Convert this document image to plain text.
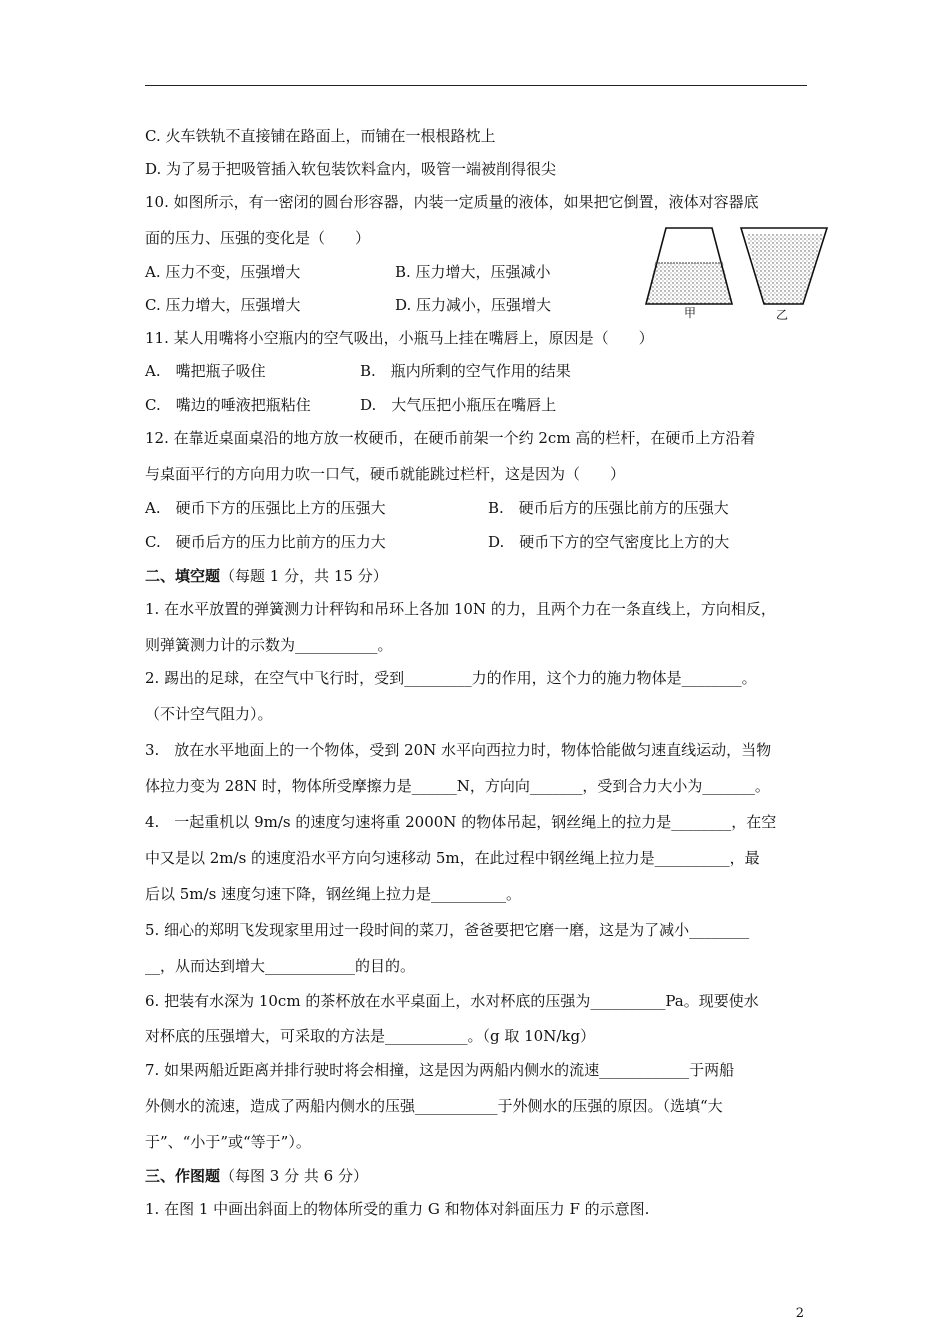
C. 火车铁轨不直接铺在路面上，而铺在一根根路枕上
D. 为了易于把吸管插入软包装饮料盒内，吸管一端被削得很尖
10. 如图所示，有一密闭的圆台形容器，内装一定质量的液体，如果把它倒置，液体对容器底
面的压力、压强的变化是（　　）
A. 压力不变，压强增大	B. 压力增大，压强减小
C. 压力增大，压强增大	D. 压力减小，压强增大	甲	乙
11. 某人用嘴将小空瓶内的空气吸出，小瓶马上挂在嘴唇上，原因是（　　）
A.　嘴把瓶子吸住	B.　瓶内所剩的空气作用的结果
C.　嘴边的唾液把瓶粘住	D.　大气压把小瓶压在嘴唇上
12. 在靠近桌面桌沿的地方放一枚硬币，在硬币前架一个约 2cm 高的栏杆，在硬币上方沿着
与桌面平行的方向用力吹一口气，硬币就能跳过栏杆，这是因为（　　）
A.　硬币下方的压强比上方的压强大	B.　硬币后方的压强比前方的压强大
C.　硬币后方的压力比前方的压力大	D.　硬币下方的空气密度比上方的大
二、填空题（每题 1 分，共 15 分）
1. 在水平放置的弹簧测力计秤钩和吊环上各加 10N 的力，且两个力在一条直线上，方向相反，
则弹簧测力计的示数为___________。
2. 踢出的足球，在空气中飞行时，受到_________力的作用，这个力的施力物体是________。
（不计空气阻力）。
3.　放在水平地面上的一个物体，受到 20N 水平向西拉力时，物体恰能做匀速直线运动，当物
体拉力变为 28N 时，物体所受摩擦力是______N，方向向_______，受到合力大小为_______。
4.　一起重机以 9m/s 的速度匀速将重 2000N 的物体吊起，钢丝绳上的拉力是________，在空
中又是以 2m/s 的速度沿水平方向匀速移动 5m，在此过程中钢丝绳上拉力是__________，最
后以 5m/s 速度匀速下降，钢丝绳上拉力是__________。
5. 细心的郑明飞发现家里用过一段时间的菜刀，爸爸要把它磨一磨，这是为了减小________
__，从而达到增大____________的目的。
6. 把装有水深为 10cm 的茶杯放在水平桌面上，水对杯底的压强为__________Pa。现要使水
对杯底的压强增大，可采取的方法是___________。（g 取 10N/kg）
7. 如果两船近距离并排行驶时将会相撞，这是因为两船内侧水的流速____________于两船
外侧水的流速，造成了两船内侧水的压强___________于外侧水的压强的原因。（选填“大
于”、“小于”或“等于”）。
三、作图题（每图 3 分 共 6 分）
1. 在图 1 中画出斜面上的物体所受的重力 G 和物体对斜面压力 F 的示意图.
2
